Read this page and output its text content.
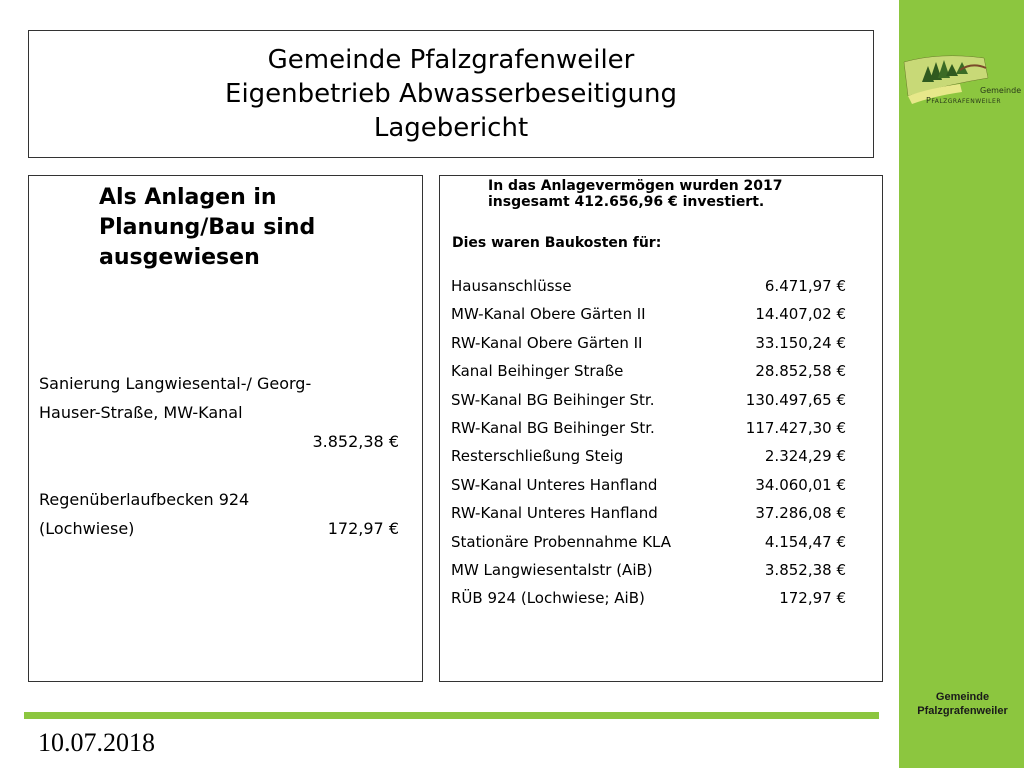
Gemeinde
Pfalzgrafenweiler
Gemeinde
Pfalzgrafenweiler
Gemeinde Pfalzgrafenweiler
Eigenbetrieb Abwasserbeseitigung
Lagebericht
Als Anlagen in
Planung/Bau sind
ausgewiesen
Sanierung Langwiesental-/ Georg-
Hauser-Straße, MW-Kanal
3.852,38 €
Regenüberlaufbecken 924
(Lochwiese)	172,97 €
In das Anlagevermögen wurden 2017
insgesamt 412.656,96 € investiert.
Dies waren Baukosten für:
Hausanschlüsse	6.471,97 €
MW-Kanal Obere Gärten II	14.407,02 €
RW-Kanal Obere Gärten II	33.150,24 €
Kanal Beihinger Straße	28.852,58 €
SW-Kanal BG Beihinger Str.	130.497,65 €
RW-Kanal BG Beihinger Str.	117.427,30 €
Resterschließung Steig	2.324,29 €
SW-Kanal Unteres Hanfland	34.060,01 €
RW-Kanal Unteres Hanfland	37.286,08 €
Stationäre Probennahme KLA	4.154,47 €
MW Langwiesentalstr (AiB)	3.852,38 €
RÜB 924 (Lochwiese; AiB)	172,97 €
10.07.2018
